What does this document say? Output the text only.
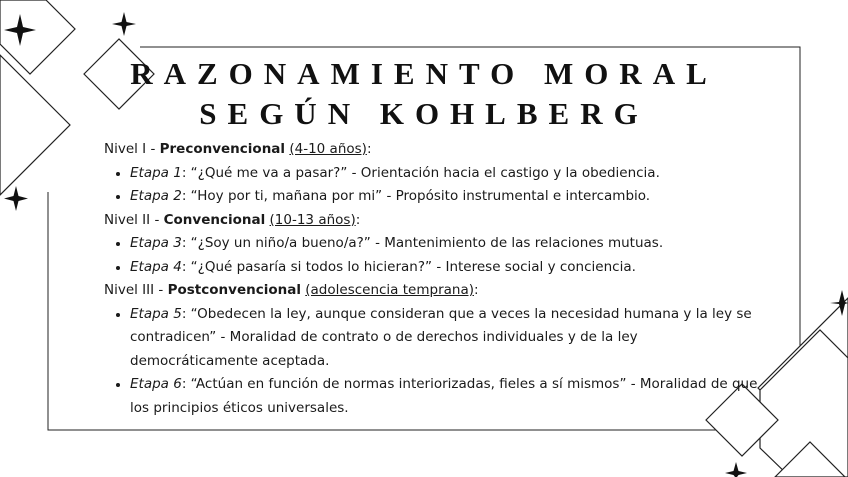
RAZONAMIENTO MORAL
SEGÚN KOHLBERG

Nivel I - Preconvencional (4-10 años):

• Etapa 1: “¿Qué me va a pasar?” - Orientación hacia el castigo y la obediencia.
• Etapa 2: “Hoy por ti, mañana por mi” - Propósito instrumental e intercambio.

Nivel II - Convencional (10-13 años):

• Etapa 3: “¿Soy un niño/a bueno/a?” - Mantenimiento de las relaciones mutuas.
• Etapa 4: “¿Qué pasaría si todos lo hicieran?” - Interese social y conciencia.

Nivel III - Postconvencional (adolescencia temprana):

• Etapa 5: “Obedecen la ley, aunque consideran que a veces la necesidad humana y la ley se contradicen” - Moralidad de contrato o de derechos individuales y de la ley democráticamente aceptada.
• Etapa 6: “Actúan en función de normas interiorizadas, fieles a sí mismos” - Moralidad de que los principios éticos universales.
